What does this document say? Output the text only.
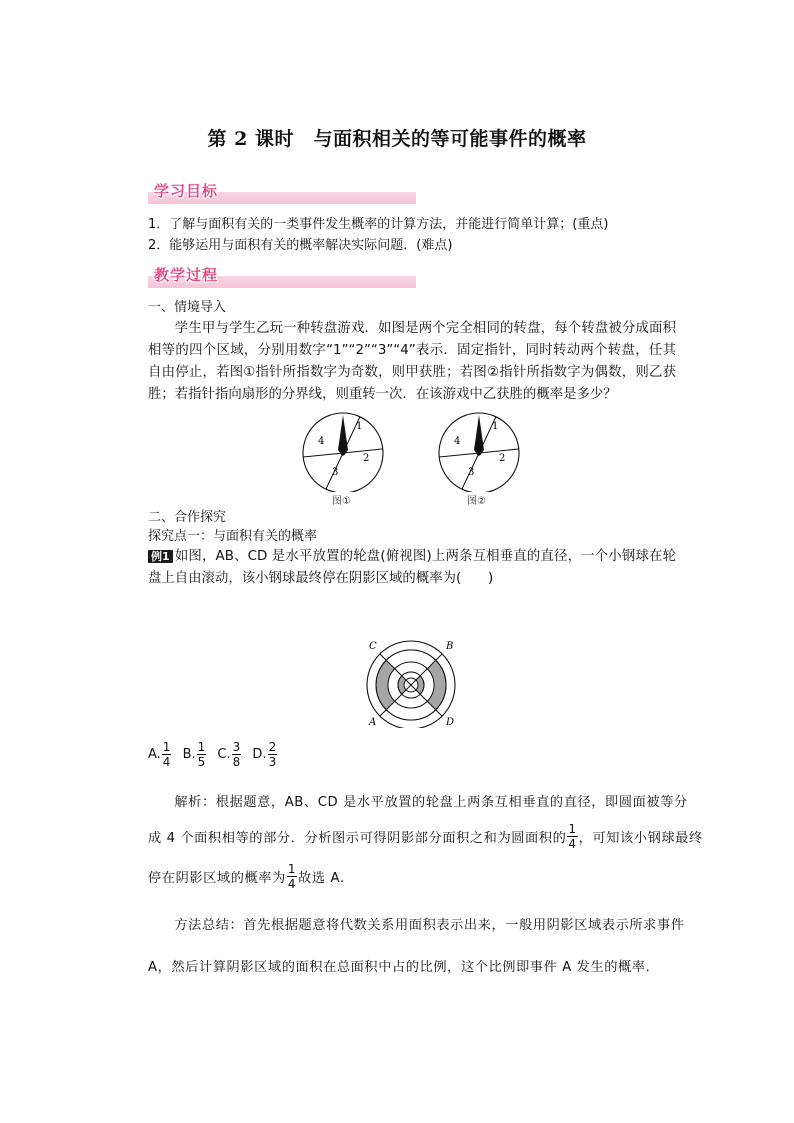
第 2 课时　与面积相关的等可能事件的概率
学习目标
1．了解与面积有关的一类事件发生概率的计算方法，并能进行简单计算；(重点)
2．能够运用与面积有关的概率解决实际问题．(难点)
教学过程
一、情境导入
学生甲与学生乙玩一种转盘游戏．如图是两个完全相同的转盘，每个转盘被分成面积相等的四个区域，分别用数字“1”“2”“3”“4”表示．固定指针，同时转动两个转盘，任其自由停止，若图①指针所指数字为奇数，则甲获胜；若图②指针所指数字为偶数，则乙获胜；若指针指向扇形的分界线，则重转一次．在该游戏中乙获胜的概率是多少？
1
2
3
4
图①
1
2
3
4
图②
二、合作探究
探究点一：与面积有关的概率
例1 如图，AB、CD 是水平放置的轮盘(俯视图)上两条互相垂直的直径，一个小钢球在轮盘上自由滚动，该小钢球最终停在阴影区域的概率为(　　)
C	B
A	D
A. $\frac{1}{4}$
B. $\frac{1}{5}$
C. $\frac{3}{8}$
D. $\frac{2}{3}$
解析：根据题意，AB、CD 是水平放置的轮盘上两条互相垂直的直径，即圆面被等分
成 4 个面积相等的部分．分析图示可得阴影部分面积之和为圆面积的 $\frac{1}{4}$ ，可知该小钢球最终
停在阴影区域的概率为 $\frac{1}{4}$ 故选 A.
方法总结：首先根据题意将代数关系用面积表示出来，一般用阴影区域表示所求事件
A，然后计算阴影区域的面积在总面积中占的比例，这个比例即事件 A 发生的概率．
